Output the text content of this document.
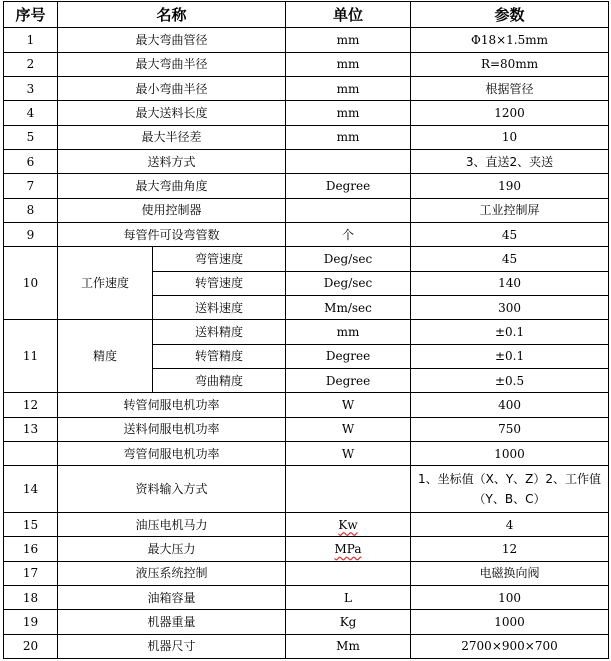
序号	名称		单位	参数
1	最大弯曲管径		mm	Φ18×1.5mm
2	最大弯曲半径		mm	R=80mm
3	最小弯曲半径		mm	根据管径
4	最大送料长度		mm	1200
5	最大半径差		mm	10
6	送料方式			3、直送2、夹送
7	最大弯曲角度		Degree	190
8	使用控制器			工业控制屏
9	每管件可设弯管数		个	45
10	工作速度	弯管速度	Deg/sec	45
		转管速度	Deg/sec	140
		送料速度	Mm/sec	300
11	精度	送料精度	mm	±0.1
		转管精度	Degree	±0.1
		弯曲精度	Degree	±0.5
12	转管伺服电机功率		W	400
13	送料伺服电机功率		W	750
	弯管伺服电机功率		W	1000
14	资料输入方式			1、坐标值（X、Y、Z）2、工作值（Y、B、C）
15	油压电机马力		Kw	4
16	最大压力		MPa	12
17	液压系统控制			电磁换向阀
18	油箱容量		L	100
19	机器重量		Kg	1000
20	机器尺寸		Mm	2700×900×700
